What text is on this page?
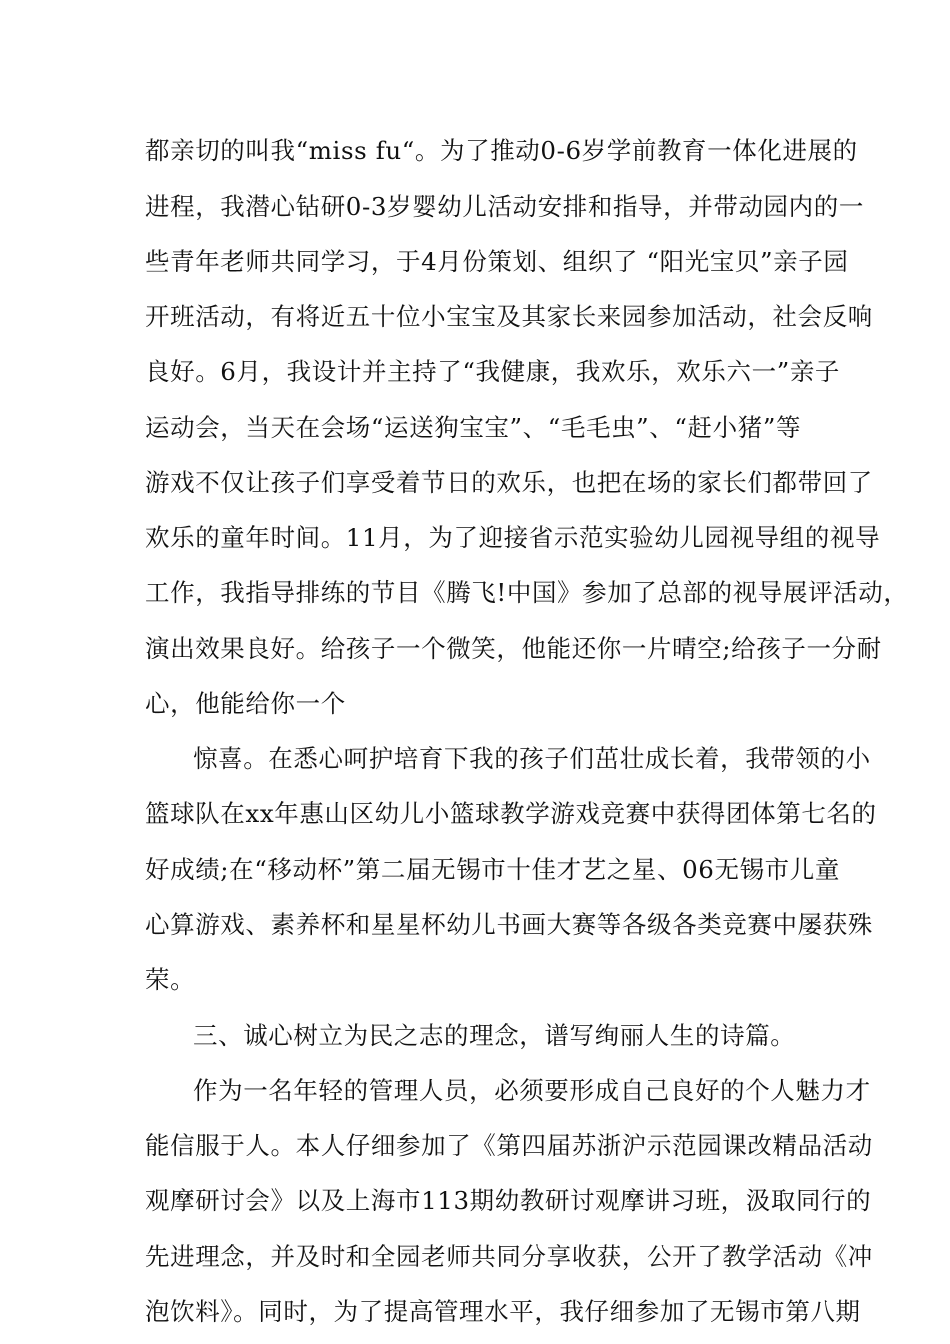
都亲切的叫我“miss fu“。为了推动0-6岁学前教育一体化进展的
进程，我潜心钻研0-3岁婴幼儿活动安排和指导，并带动园内的一
些青年老师共同学习，于4月份策划、组织了 “阳光宝贝”亲子园
开班活动，有将近五十位小宝宝及其家长来园参加活动，社会反响
良好。6月，我设计并主持了“我健康，我欢乐，欢乐六一”亲子
运动会，当天在会场“运送狗宝宝”、“毛毛虫”、“赶小猪”等
游戏不仅让孩子们享受着节日的欢乐，也把在场的家长们都带回了
欢乐的童年时间。11月，为了迎接省示范实验幼儿园视导组的视导
工作，我指导排练的节目《腾飞!中国》参加了总部的视导展评活动，
演出效果良好。给孩子一个微笑，他能还你一片晴空;给孩子一分耐
心，他能给你一个
惊喜。在悉心呵护培育下我的孩子们茁壮成长着，我带领的小
篮球队在xx年惠山区幼儿小篮球教学游戏竞赛中获得团体第七名的
好成绩;在“移动杯”第二届无锡市十佳才艺之星、06无锡市儿童
心算游戏、素养杯和星星杯幼儿书画大赛等各级各类竞赛中屡获殊
荣。
三、诚心树立为民之志的理念，谱写绚丽人生的诗篇。
作为一名年轻的管理人员，必须要形成自己良好的个人魅力才
能信服于人。本人仔细参加了《第四届苏浙沪示范园课改精品活动
观摩研讨会》以及上海市113期幼教研讨观摩讲习班，汲取同行的
先进理念，并及时和全园老师共同分享收获，公开了教学活动《冲
泡饮料》。同时，为了提高管理水平，我仔细参加了无锡市第八期
